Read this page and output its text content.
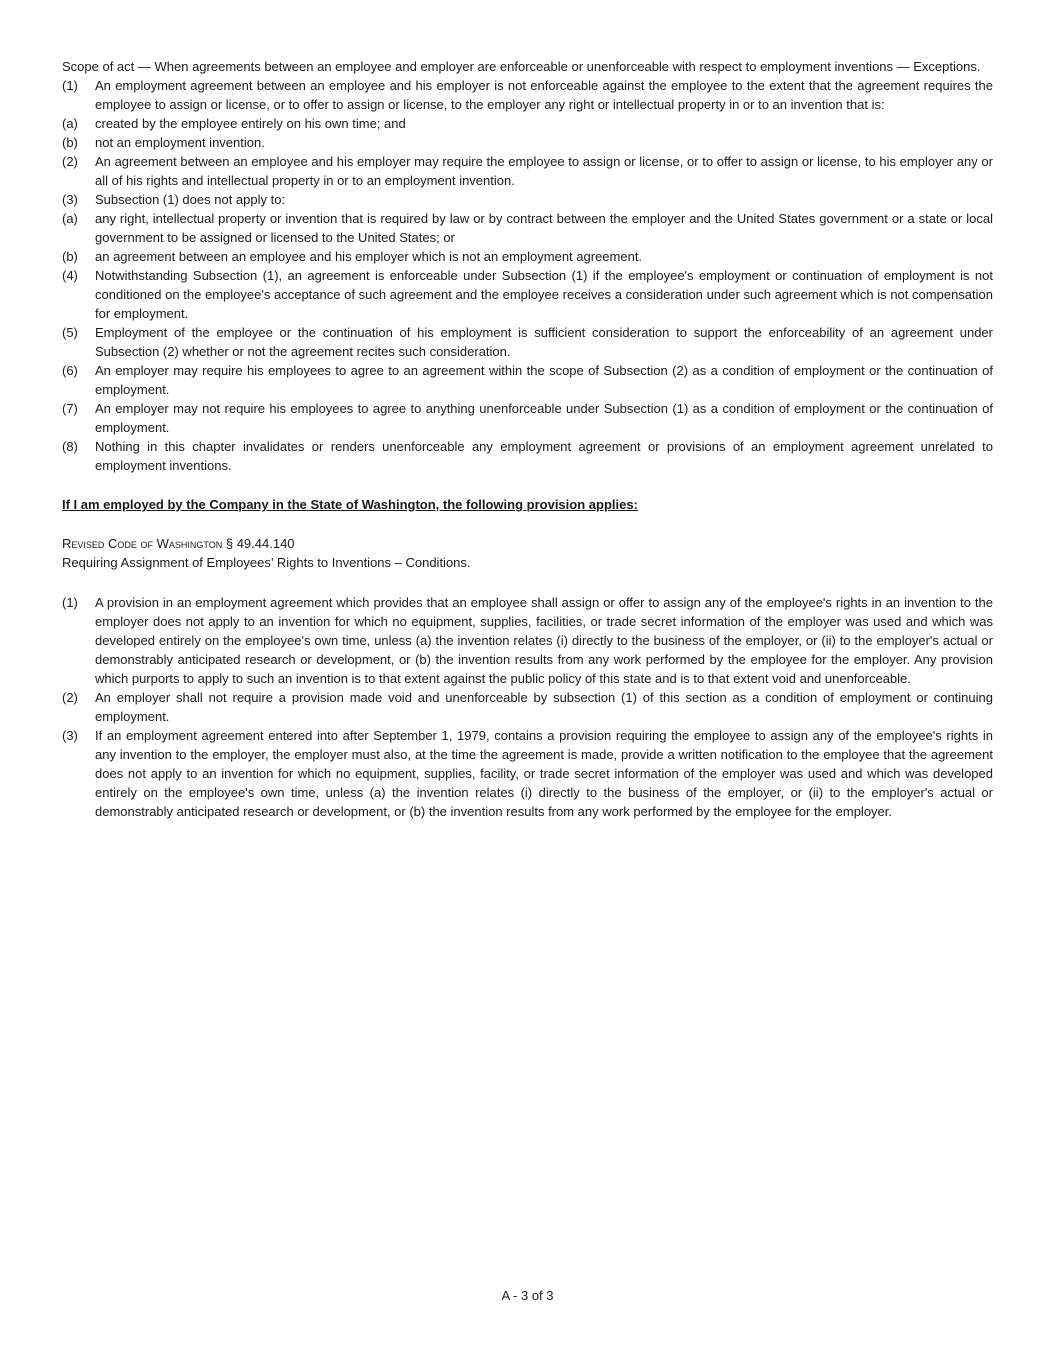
Scope of act — When agreements between an employee and employer are enforceable or unenforceable with respect to employment inventions — Exceptions.

(1)	An employment agreement between an employee and his employer is not enforceable against the employee to the extent that the agreement requires the employee to assign or license, or to offer to assign or license, to the employer any right or intellectual property in or to an invention that is:
(a)	created by the employee entirely on his own time; and
(b)	not an employment invention.
(2)	An agreement between an employee and his employer may require the employee to assign or license, or to offer to assign or license, to his employer any or all of his rights and intellectual property in or to an employment invention.
(3)	Subsection (1) does not apply to:
(a)	any right, intellectual property or invention that is required by law or by contract between the employer and the United States government or a state or local government to be assigned or licensed to the United States; or
(b)	an agreement between an employee and his employer which is not an employment agreement.
(4)	Notwithstanding Subsection (1), an agreement is enforceable under Subsection (1) if the employee's employment or continuation of employment is not conditioned on the employee's acceptance of such agreement and the employee receives a consideration under such agreement which is not compensation for employment.
(5)	Employment of the employee or the continuation of his employment is sufficient consideration to support the enforceability of an agreement under Subsection (2) whether or not the agreement recites such consideration.
(6)	An employer may require his employees to agree to an agreement within the scope of Subsection (2) as a condition of employment or the continuation of employment.
(7)	An employer may not require his employees to agree to anything unenforceable under Subsection (1) as a condition of employment or the continuation of employment.
(8)	Nothing in this chapter invalidates or renders unenforceable any employment agreement or provisions of an employment agreement unrelated to employment inventions.

If I am employed by the Company in the State of Washington, the following provision applies:

Revised Code of Washington § 49.44.140

Requiring Assignment of Employees’ Rights to Inventions – Conditions.

(1)	A provision in an employment agreement which provides that an employee shall assign or offer to assign any of the employee's rights in an invention to the employer does not apply to an invention for which no equipment, supplies, facilities, or trade secret information of the employer was used and which was developed entirely on the employee's own time, unless (a) the invention relates (i) directly to the business of the employer, or (ii) to the employer's actual or demonstrably anticipated research or development, or (b) the invention results from any work performed by the employee for the employer. Any provision which purports to apply to such an invention is to that extent against the public policy of this state and is to that extent void and unenforceable.
(2)	An employer shall not require a provision made void and unenforceable by subsection (1) of this section as a condition of employment or continuing employment.
(3)	If an employment agreement entered into after September 1, 1979, contains a provision requiring the employee to assign any of the employee's rights in any invention to the employer, the employer must also, at the time the agreement is made, provide a written notification to the employee that the agreement does not apply to an invention for which no equipment, supplies, facility, or trade secret information of the employer was used and which was developed entirely on the employee's own time, unless (a) the invention relates (i) directly to the business of the employer, or (ii) to the employer's actual or demonstrably anticipated research or development, or (b) the invention results from any work performed by the employee for the employer.
A - 3 of 3
